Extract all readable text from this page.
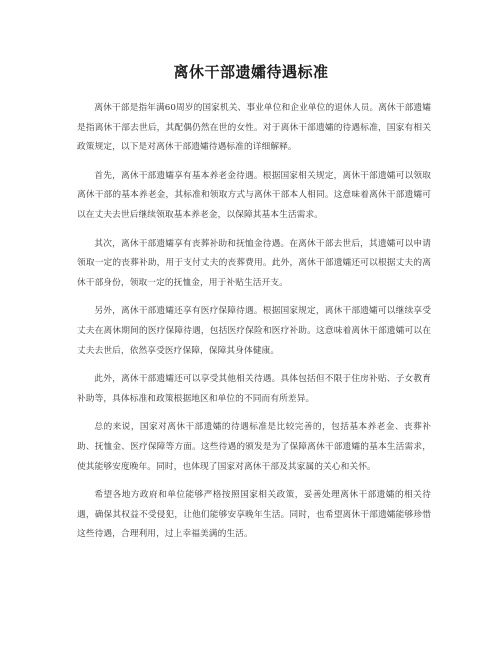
离休干部遗孀待遇标准

离休干部是指年满60周岁的国家机关、事业单位和企业单位的退休人员。离休干部遗孀是指离休干部去世后，其配偶仍然在世的女性。对于离休干部遗孀的待遇标准，国家有相关政策规定，以下是对离休干部遗孀待遇标准的详细解释。

首先，离休干部遗孀享有基本养老金待遇。根据国家相关规定，离休干部遗孀可以领取离休干部的基本养老金，其标准和领取方式与离休干部本人相同。这意味着离休干部遗孀可以在丈夫去世后继续领取基本养老金，以保障其基本生活需求。

其次，离休干部遗孀享有丧葬补助和抚恤金待遇。在离休干部去世后，其遗孀可以申请领取一定的丧葬补助，用于支付丈夫的丧葬费用。此外，离休干部遗孀还可以根据丈夫的离休干部身份，领取一定的抚恤金，用于补贴生活开支。

另外，离休干部遗孀还享有医疗保障待遇。根据国家规定，离休干部遗孀可以继续享受丈夫在离休期间的医疗保障待遇，包括医疗保险和医疗补助。这意味着离休干部遗孀可以在丈夫去世后，依然享受医疗保障，保障其身体健康。

此外，离休干部遗孀还可以享受其他相关待遇。具体包括但不限于住房补贴、子女教育补助等，具体标准和政策根据地区和单位的不同而有所差异。

总的来说，国家对离休干部遗孀的待遇标准是比较完善的，包括基本养老金、丧葬补助、抚恤金、医疗保障等方面。这些待遇的颁发是为了保障离休干部遗孀的基本生活需求，使其能够安度晚年。同时，也体现了国家对离休干部及其家属的关心和关怀。

希望各地方政府和单位能够严格按照国家相关政策，妥善处理离休干部遗孀的相关待遇，确保其权益不受侵犯，让他们能够安享晚年生活。同时，也希望离休干部遗孀能够珍惜这些待遇，合理利用，过上幸福美满的生活。
